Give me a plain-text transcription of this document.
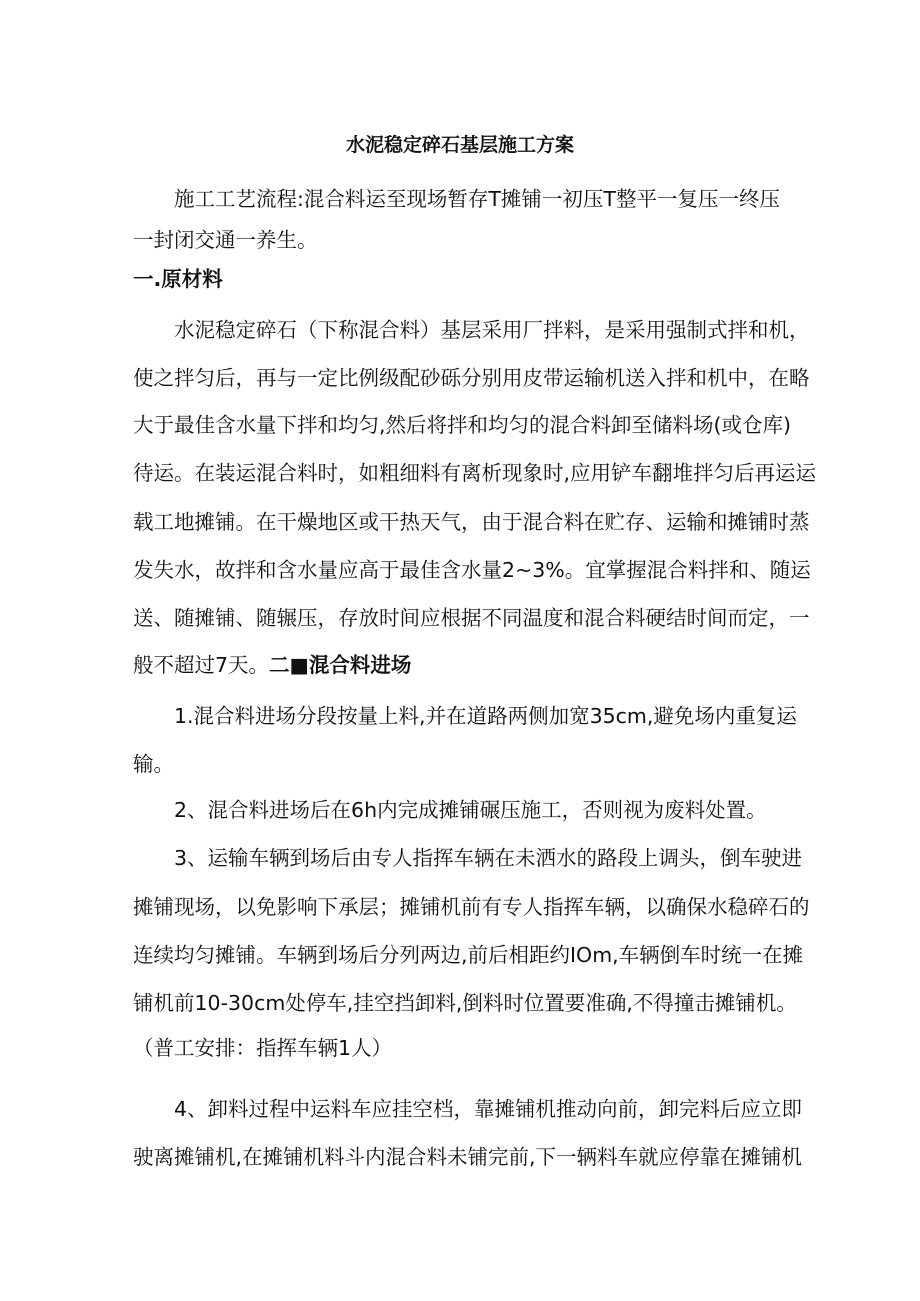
水泥稳定碎石基层施工方案
施工工艺流程:混合料运至现场暂存T摊铺一初压T整平一复压一终压
一封闭交通一养生。
一.原材料
水泥稳定碎石（下称混合料）基层采用厂拌料，是采用强制式拌和机，
使之拌匀后，再与一定比例级配砂砾分别用皮带运输机送入拌和机中，在略
大于最佳含水量下拌和均匀,然后将拌和均匀的混合料卸至储料场(或仓库)
待运。在装运混合料时，如粗细料有离析现象时,应用铲车翻堆拌匀后再运运
载工地摊铺。在干燥地区或干热天气，由于混合料在贮存、运输和摊铺时蒸
发失水，故拌和含水量应高于最佳含水量2~3%。宜掌握混合料拌和、随运
送、随摊铺、随辗压，存放时间应根据不同温度和混合料硬结时间而定，一
般不超过7天。二■混合料进场
1.混合料进场分段按量上料,并在道路两侧加宽35cm,避免场内重复运
输。
2、混合料进场后在6h内完成摊铺碾压施工，否则视为废料处置。
3、运输车辆到场后由专人指挥车辆在未洒水的路段上调头，倒车驶进
摊铺现场，以免影响下承层；摊铺机前有专人指挥车辆，以确保水稳碎石的
连续均匀摊铺。车辆到场后分列两边,前后相距约IOm,车辆倒车时统一在摊
铺机前10-30cm处停车,挂空挡卸料,倒料时位置要准确,不得撞击摊铺机。
（普工安排：指挥车辆1人）
4、卸料过程中运料车应挂空档，靠摊铺机推动向前，卸完料后应立即
驶离摊铺机,在摊铺机料斗内混合料未铺完前,下一辆料车就应停靠在摊铺机
